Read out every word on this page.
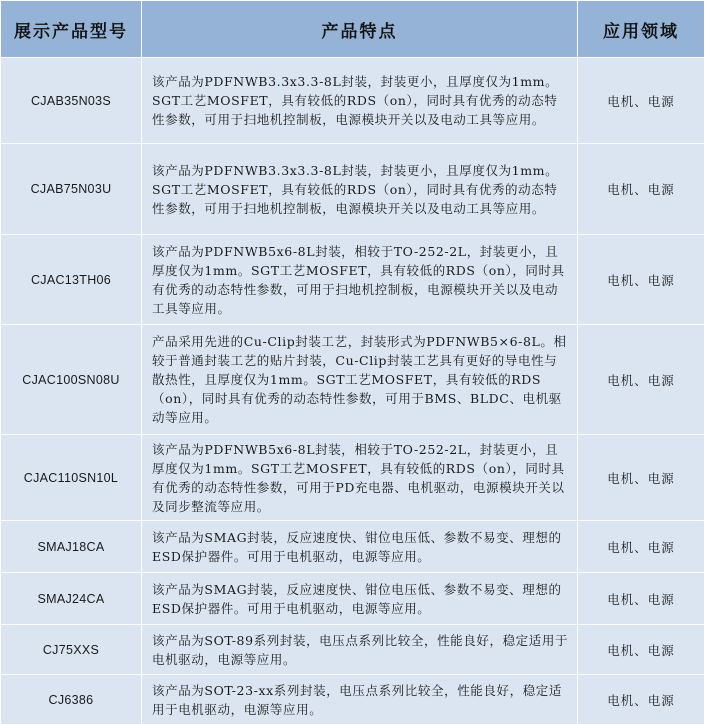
展示产品型号	产品特点	应用领域
CJAB35N03S	该产品为PDFNWB3.3x3.3-8L封装，封装更小，且厚度仅为1mm。SGT工艺MOSFET，具有较低的RDS（on），同时具有优秀的动态特性参数，可用于扫地机控制板，电源模块开关以及电动工具等应用。	电机、电源
CJAB75N03U	该产品为PDFNWB3.3x3.3-8L封装，封装更小，且厚度仅为1mm。SGT工艺MOSFET，具有较低的RDS（on），同时具有优秀的动态特性参数，可用于扫地机控制板，电源模块开关以及电动工具等应用。	电机、电源
CJAC13TH06	该产品为PDFNWB5x6-8L封装，相较于TO-252-2L，封装更小，且厚度仅为1mm。SGT工艺MOSFET，具有较低的RDS（on），同时具有优秀的动态特性参数，可用于扫地机控制板，电源模块开关以及电动工具等应用。	电机、电源
CJAC100SN08U	产品采用先进的Cu-Clip封装工艺，封装形式为PDFNWB5×6-8L。相较于普通封装工艺的贴片封装，Cu-Clip封装工艺具有更好的导电性与散热性，且厚度仅为1mm。SGT工艺MOSFET，具有较低的RDS（on），同时具有优秀的动态特性参数，可用于BMS、BLDC、电机驱动等应用。	电机、电源
CJAC110SN10L	该产品为PDFNWB5x6-8L封装，相较于TO-252-2L，封装更小，且厚度仅为1mm。SGT工艺MOSFET，具有较低的RDS（on），同时具有优秀的动态特性参数，可用于PD充电器、电机驱动，电源模块开关以及同步整流等应用。	电机、电源
SMAJ18CA	该产品为SMAG封装，反应速度快、钳位电压低、参数不易变、理想的ESD保护器件。可用于电机驱动，电源等应用。	电机、电源
SMAJ24CA	该产品为SMAG封装，反应速度快、钳位电压低、参数不易变、理想的ESD保护器件。可用于电机驱动，电源等应用。	电机、电源
CJ75XXS	该产品为SOT-89系列封装，电压点系列比较全，性能良好，稳定适用于电机驱动，电源等应用。	电机、电源
CJ6386	该产品为SOT-23-xx系列封装，电压点系列比较全，性能良好，稳定适用于电机驱动，电源等应用。	电机、电源
